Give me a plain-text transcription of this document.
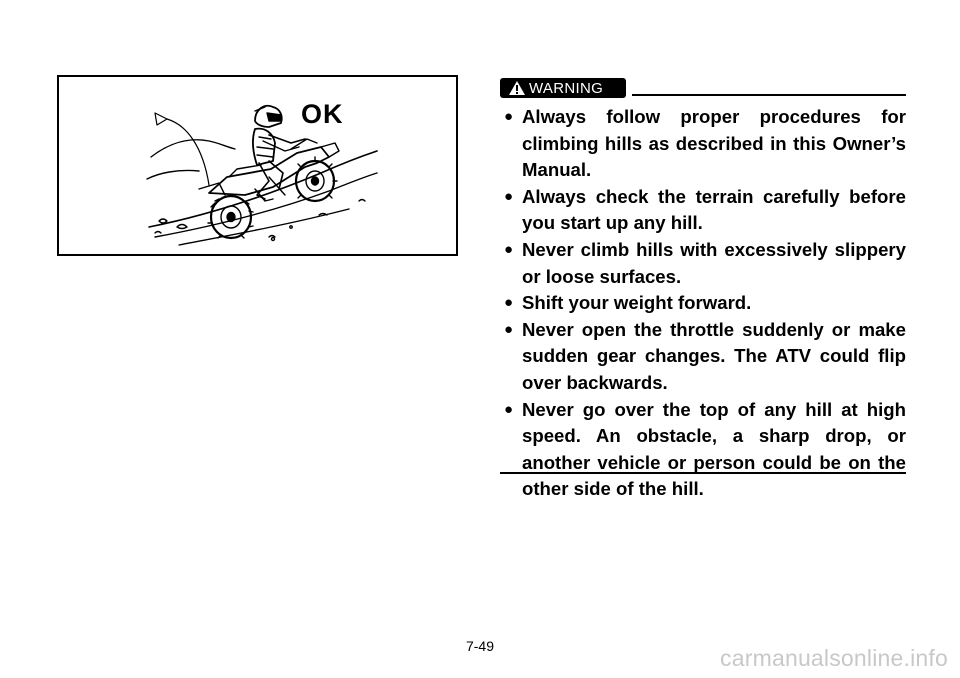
OK
WARNING
● Always follow proper procedures for climbing hills as described in this Owner’s Manual.
● Always check the terrain carefully before you start up any hill.
● Never climb hills with excessively slippery or loose surfaces.
● Shift your weight forward.
● Never open the throttle suddenly or make sudden gear changes. The ATV could flip over backwards.
● Never go over the top of any hill at high speed. An obstacle, a sharp drop, or another vehicle or person could be on the other side of the hill.
7-49	carmanualsonline.info
